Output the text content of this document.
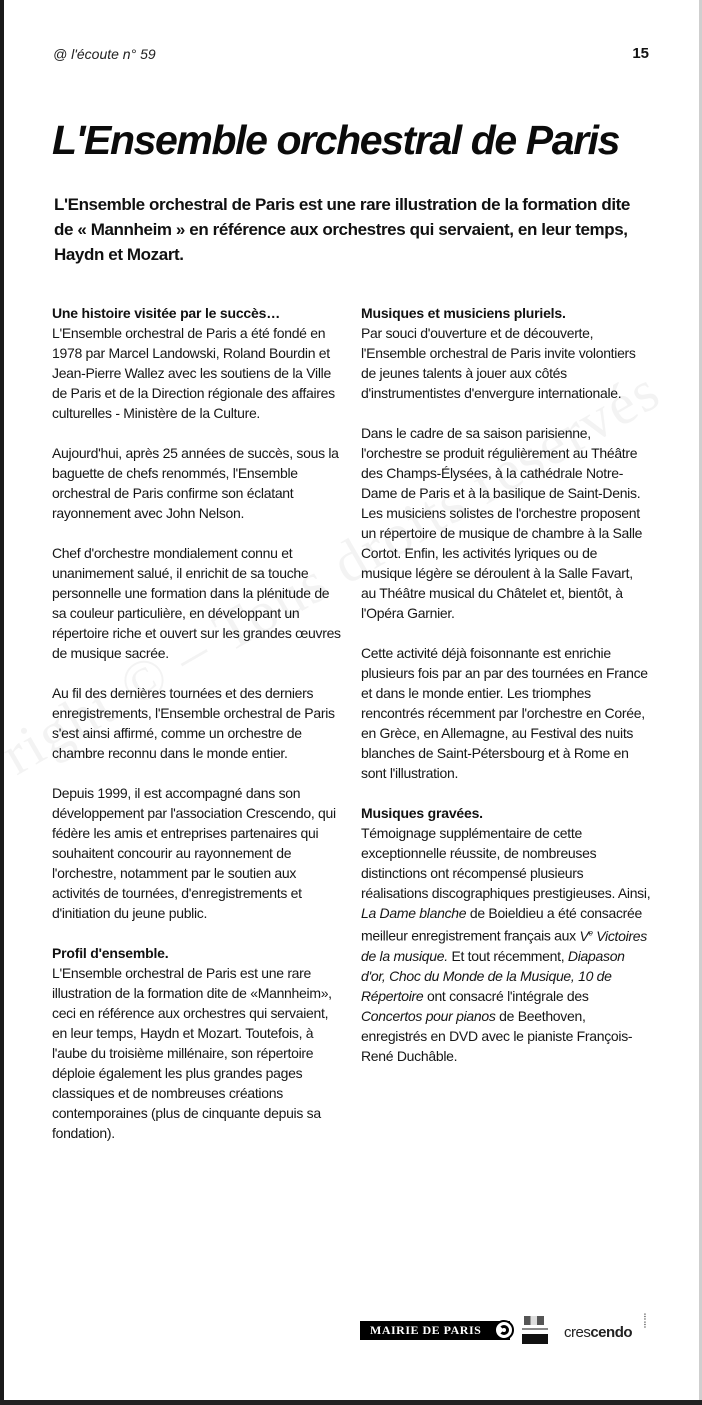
@ l'écoute n° 59	15
L'Ensemble orchestral de Paris

L'Ensemble orchestral de Paris est une rare illustration de la formation dite de « Mannheim » en référence aux orchestres qui servaient, en leur temps, Haydn et Mozart.

Une histoire visitée par le succès…

L'Ensemble orchestral de Paris a été fondé en 1978 par Marcel Landowski, Roland Bourdin et Jean-Pierre Wallez avec les soutiens de la Ville de Paris et de la Direction régionale des affaires culturelles - Ministère de la Culture.

Aujourd'hui, après 25 années de succès, sous la baguette de chefs renommés, l'Ensemble orchestral de Paris confirme son éclatant rayonnement avec John Nelson.

Chef d'orchestre mondialement connu et unanimement salué, il enrichit de sa touche personnelle une formation dans la plénitude de sa couleur particulière, en développant un répertoire riche et ouvert sur les grandes œuvres de musique sacrée.

Au fil des dernières tournées et des derniers enregistrements, l'Ensemble orchestral de Paris s'est ainsi affirmé, comme un orchestre de chambre reconnu dans le monde entier.

Depuis 1999, il est accompagné dans son développement par l'association Crescendo, qui fédère les amis et entreprises partenaires qui souhaitent concourir au rayonnement de l'orchestre, notamment par le soutien aux activités de tournées, d'enregistrements et d'initiation du jeune public.

Profil d'ensemble.

L'Ensemble orchestral de Paris est une rare illustration de la formation dite de «Mannheim», ceci en référence aux orchestres qui servaient, en leur temps, Haydn et Mozart. Toutefois, à l'aube du troisième millénaire, son répertoire déploie également les plus grandes pages classiques et de nombreuses créations contemporaines (plus de cinquante depuis sa fondation).

Musiques et musiciens pluriels.

Par souci d'ouverture et de découverte, l'Ensemble orchestral de Paris invite volontiers de jeunes talents à jouer aux côtés d'instrumentistes d'envergure internationale.

Dans le cadre de sa saison parisienne, l'orchestre se produit régulièrement au Théâtre des Champs-Élysées, à la cathédrale Notre-Dame de Paris et à la basilique de Saint-Denis. Les musiciens solistes de l'orchestre proposent un répertoire de musique de chambre à la Salle Cortot. Enfin, les activités lyriques ou de musique légère se déroulent à la Salle Favart, au Théâtre musical du Châtelet et, bientôt, à l'Opéra Garnier.

Cette activité déjà foisonnante est enrichie plusieurs fois par an par des tournées en France et dans le monde entier. Les triomphes rencontrés récemment par l'orchestre en Corée, en Grèce, en Allemagne, au Festival des nuits blanches de Saint-Pétersbourg et à Rome en sont l'illustration.

Musiques gravées.

Témoignage supplémentaire de cette exceptionnelle réussite, de nombreuses distinctions ont récompensé plusieurs réalisations discographiques prestigieuses. Ainsi, La Dame blanche de Boieldieu a été consacrée meilleur enregistrement français aux Ve Victoires de la musique. Et tout récemment, Diapason d'or, Choc du Monde de la Musique, 10 de Répertoire ont consacré l'intégrale des Concertos pour pianos de Beethoven, enregistrés en DVD avec le pianiste François-René Duchâble.

MAIRIE DE PARIS	crescendo
⁝
⁝
